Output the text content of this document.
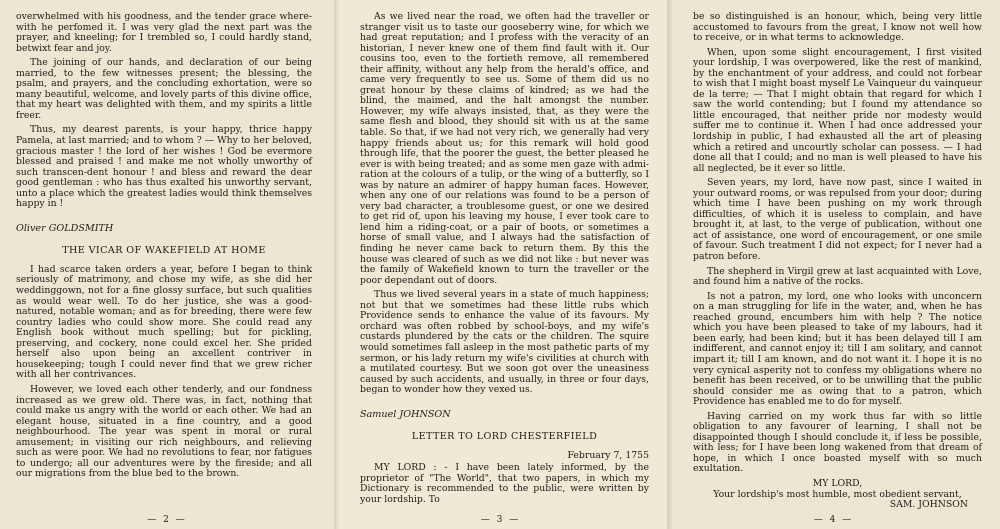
overwhelmed with his goodness, and the tender grace where-with he perfomed it. I was very glad the next part was the prayer, and kneeling; for I trembled so, I could hardly stand, betwixt fear and joy.

The joining of our hands, and declaration of our being married, to the few witnesses present; the blessing, the psalm, and prayers, and the concluding exhortation, were so many beautiful, welcome, and lovely parts of this divine office, that my heart was delighted with them, and my spirits a little freer.

Thus, my dearest parents, is your happy, thrice happy Pamela, at last married; and to whom ? — Why to her beloved, gracious master ! the lord of her wishes ! God be evermore blessed and praised ! and make me not wholly unworthy of such transcen-dent honour ! and bless and reward the dear good gentleman : who has thus exalted his unworthy servant, unto a place which the greatest ladies would think themselves happy in !

Oliver GOLDSMITH

THE VICAR OF WAKEFIELD AT HOME

I had scarce taken orders a year, before I began to think seriously of matrimony, and chose my wife, as she did her weddinggown, not for a fine glossy surface, but such qualities as would wear well. To do her justice, she was a good-natured, notable woman; and as for breeding, there were few country ladies who could show more. She could read any English book without much spelling; but for pickling, preserving, and cockery, none could excel her. She prided herself also upon being an axcellent contriver in housekeeping; tough I could never find that we grew richer with all her contrivances.

However, we loved each other tenderly, and our fondness increased as we grew old. There was, in fact, nothing that could make us angry with the world or each other. We had an elegant house, situated in a fine country, and a good neighbourhood. The year was spent in moral or rural amusement; in visiting our rich neighbours, and relieving such as were poor. We had no revolutions to fear, nor fatigues to undergo; all our adventures were by the fireside; and all our migrations from the blue bed to the brown.

— 2 —

As we lived near the road, we often had the traveller or stranger visit us to taste our gooseberry wine, for which we had great reputation; and I profess with the veracity of an historian, I never knew one of them find fault with it. Our cousins too, even to the fortieth remove, all remembered their affinity, without any help from the herald's office, and came very frequently to see us. Some of them did us no great honour by these claims of kindred; as we had the blind, the maimed, and the halt amongst the number. However, my wife always insisted, that, as they were the same flesh and blood, they should sit with us at the same table. So that, if we had not very rich, we generally had very happy friends about us; for this remark will hold good through life, that the poorer the guest, the better pleased he ever is with being treated; and as some men gaze with admi-ration at the colours of a tulip, or the wing of a butterfly, so I was by nature an admirer of happy human faces. However, when any one of our relations was found to be a person of very bad character, a troublesome guest, or one we desired to get rid of, upon his leaving my house, I ever took care to lend him a riding-coat, or a pair of boots, or sometimes a horse of small value, and I always had the satisfaction of finding he never came back to return them. By this the house was cleared of such as we did not like : but never was the family of Wakefield known to turn the traveller or the poor dependant out of doors.

Thus we lived several years in a state of much happiness; not but that we sometimes had these little rubs which Providence sends to enhance the value of its favours. My orchard was often robbed by school-boys, and my wife's custards plundered by the cats or the children. The squire would sometimes fall asleep in the most pathetic parts of my sermon, or his lady return my wife's civilities at church with a mutilated courtesy. But we soon got over the uneasiness caused by such accidents, and usually, in three or four days, began to wonder how they vexed us.

Samuel JOHNSON

LETTER TO LORD CHESTERFIELD

February 7, 1755

MY LORD : - I have been lately informed, by the proprietor of "The World", that two papers, in which my Dictionary is recommended to the public, were written by your lordship. To

— 3 —

be so distinguished is an honour, which, being very little accustomed to favours from the great, I know not well how to receive, or in what terms to acknowledge.

When, upon some slight encouragement, I first visited your lordship, I was overpowered, like the rest of mankind, by the enchantment of your address, and could not forbear to wish that I might boast myself Le Vainqueur du vainqueur de la terre; — That I might obtain that regard for which I saw the world contending; but I found my attendance so little encouraged, that neither pride nor modesty would suffer me to continue it. When I had once addressed your lordship in public, I had exhausted all the art of pleasing which a retired and uncourtly scholar can possess. — I had done all that I could; and no man is well pleased to have his all neglected, be it ever so little.

Seven years, my lord, have now past, since I waited in your outward rooms, or was repulsed from your door; during which time I have been pushing on my work through difficulties, of which it is useless to complain, and have brought it, at last, to the verge of publication, without one act of assistance, one word of encouragement, or one smile of favour. Such treatment I did not expect; for I never had a patron before.

The shepherd in Virgil grew at last acquainted with Love, and found him a native of the rocks.

Is not a patron, my lord, one who looks with unconcern on a man struggling for life in the water, and, when he has reached ground, encumbers him with help ? The notice which you have been pleased to take of my labours, had it been early, had been kind; but it has been delayed till I am indifferent, and cannot enjoy it; till I am solitary, and cannot impart it; till I am known, and do not want it. I hope it is no very cynical asperity not to confess my obligations where no benefit has been received, or to be unwilling that the public should consider me as owing that to a patron, which Providence has enabled me to do for myself.

Having carried on my work thus far with so little obligation to any favourer of learning, I shall not be disappointed though I should conclude it, if less be possible, with less; for I have been long wakened from that dream of hope, in which I once boasted myself with so much exultation.

MY LORD,

Your lordship's most humble, most obedient servant,

SAM. JOHNSON

— 4 —
